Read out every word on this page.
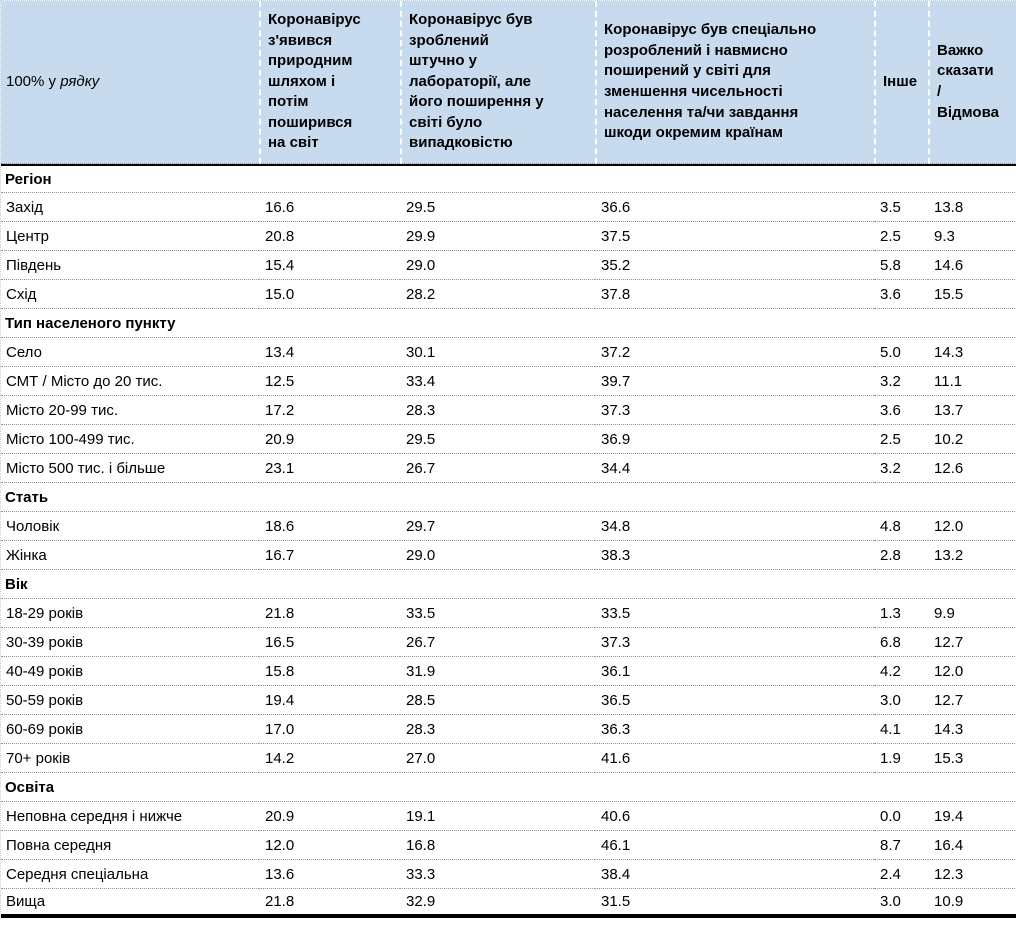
100% у рядку	Коронавірус з'явився природним шляхом і потім поширився на світ	Коронавірус був зроблений штучно у лабораторії, але його поширення у світі було випадковістю	Коронавірус був спеціально розроблений і навмисно поширений у світі для зменшення чисельності населення та/чи завдання шкоди окремим країнам	Інше	Важко сказати / Відмова
Регіон					
Захід	16.6	29.5	36.6	3.5	13.8
Центр	20.8	29.9	37.5	2.5	9.3
Південь	15.4	29.0	35.2	5.8	14.6
Схід	15.0	28.2	37.8	3.6	15.5
Тип населеного пункту					
Село	13.4	30.1	37.2	5.0	14.3
СМТ / Місто до 20 тис.	12.5	33.4	39.7	3.2	11.1
Місто 20-99 тис.	17.2	28.3	37.3	3.6	13.7
Місто 100-499 тис.	20.9	29.5	36.9	2.5	10.2
Місто 500 тис. і більше	23.1	26.7	34.4	3.2	12.6
Стать					
Чоловік	18.6	29.7	34.8	4.8	12.0
Жінка	16.7	29.0	38.3	2.8	13.2
Вік					
18-29 років	21.8	33.5	33.5	1.3	9.9
30-39 років	16.5	26.7	37.3	6.8	12.7
40-49 років	15.8	31.9	36.1	4.2	12.0
50-59 років	19.4	28.5	36.5	3.0	12.7
60-69 років	17.0	28.3	36.3	4.1	14.3
70+ років	14.2	27.0	41.6	1.9	15.3
Освіта					
Неповна середня і нижче	20.9	19.1	40.6	0.0	19.4
Повна середня	12.0	16.8	46.1	8.7	16.4
Середня спеціальна	13.6	33.3	38.4	2.4	12.3
Вища	21.8	32.9	31.5	3.0	10.9
